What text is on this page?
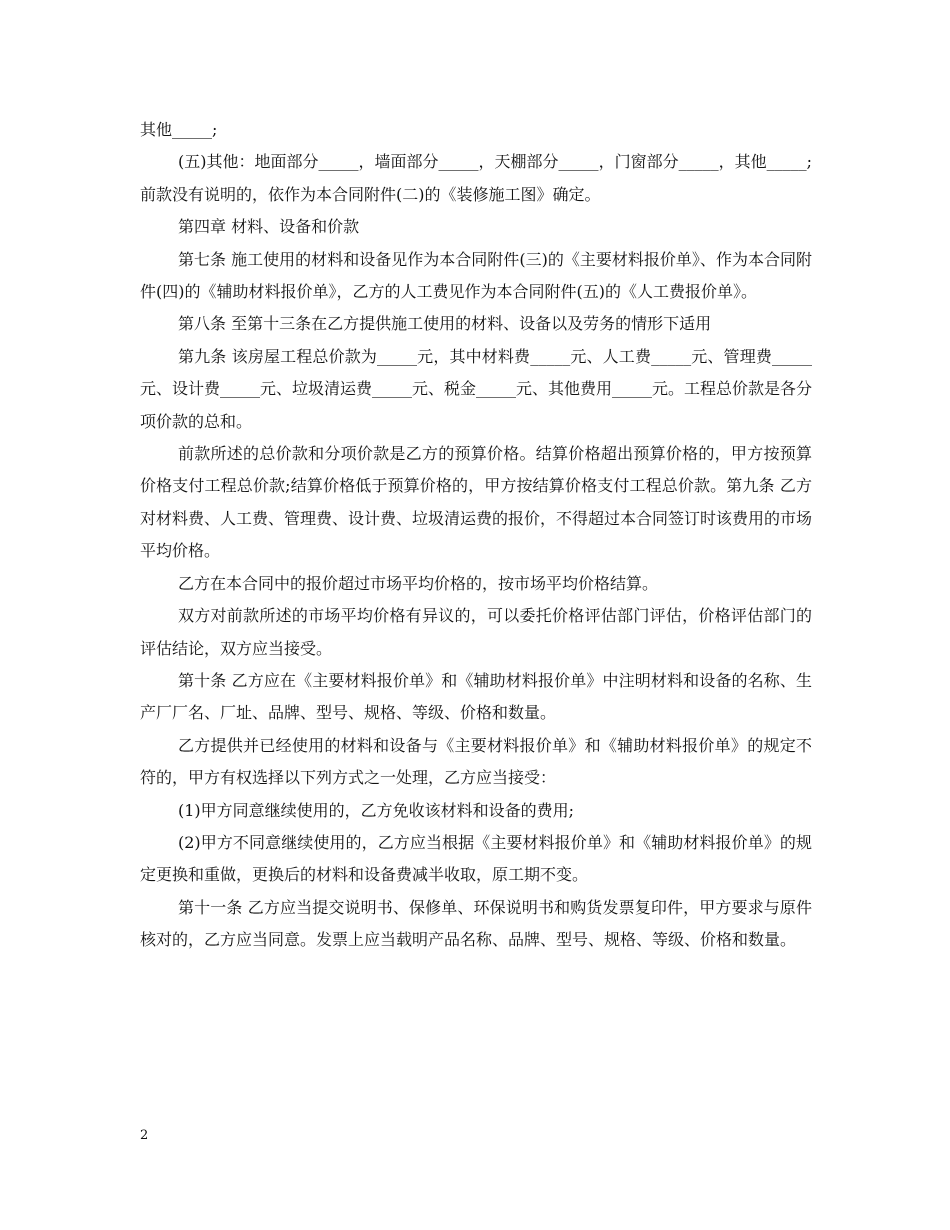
其他_____;

(五)其他：地面部分_____，墙面部分_____，天棚部分_____，门窗部分_____，其他_____;前款没有说明的，依作为本合同附件(二)的《装修施工图》确定。

第四章 材料、设备和价款

第七条 施工使用的材料和设备见作为本合同附件(三)的《主要材料报价单》、作为本合同附件(四)的《辅助材料报价单》，乙方的人工费见作为本合同附件(五)的《人工费报价单》。

第八条 至第十三条在乙方提供施工使用的材料、设备以及劳务的情形下适用

第九条 该房屋工程总价款为_____元，其中材料费_____元、人工费_____元、管理费_____元、设计费_____元、垃圾清运费_____元、税金_____元、其他费用_____元。工程总价款是各分项价款的总和。

前款所述的总价款和分项价款是乙方的预算价格。结算价格超出预算价格的，甲方按预算价格支付工程总价款;结算价格低于预算价格的，甲方按结算价格支付工程总价款。第九条 乙方对材料费、人工费、管理费、设计费、垃圾清运费的报价，不得超过本合同签订时该费用的市场平均价格。

乙方在本合同中的报价超过市场平均价格的，按市场平均价格结算。

双方对前款所述的市场平均价格有异议的，可以委托价格评估部门评估，价格评估部门的评估结论，双方应当接受。

第十条 乙方应在《主要材料报价单》和《辅助材料报价单》中注明材料和设备的名称、生产厂厂名、厂址、品牌、型号、规格、等级、价格和数量。

乙方提供并已经使用的材料和设备与《主要材料报价单》和《辅助材料报价单》的规定不符的，甲方有权选择以下列方式之一处理，乙方应当接受：

(1)甲方同意继续使用的，乙方免收该材料和设备的费用;

(2)甲方不同意继续使用的，乙方应当根据《主要材料报价单》和《辅助材料报价单》的规定更换和重做，更换后的材料和设备费减半收取，原工期不变。

第十一条 乙方应当提交说明书、保修单、环保说明书和购货发票复印件，甲方要求与原件核对的，乙方应当同意。发票上应当载明产品名称、品牌、型号、规格、等级、价格和数量。

2
